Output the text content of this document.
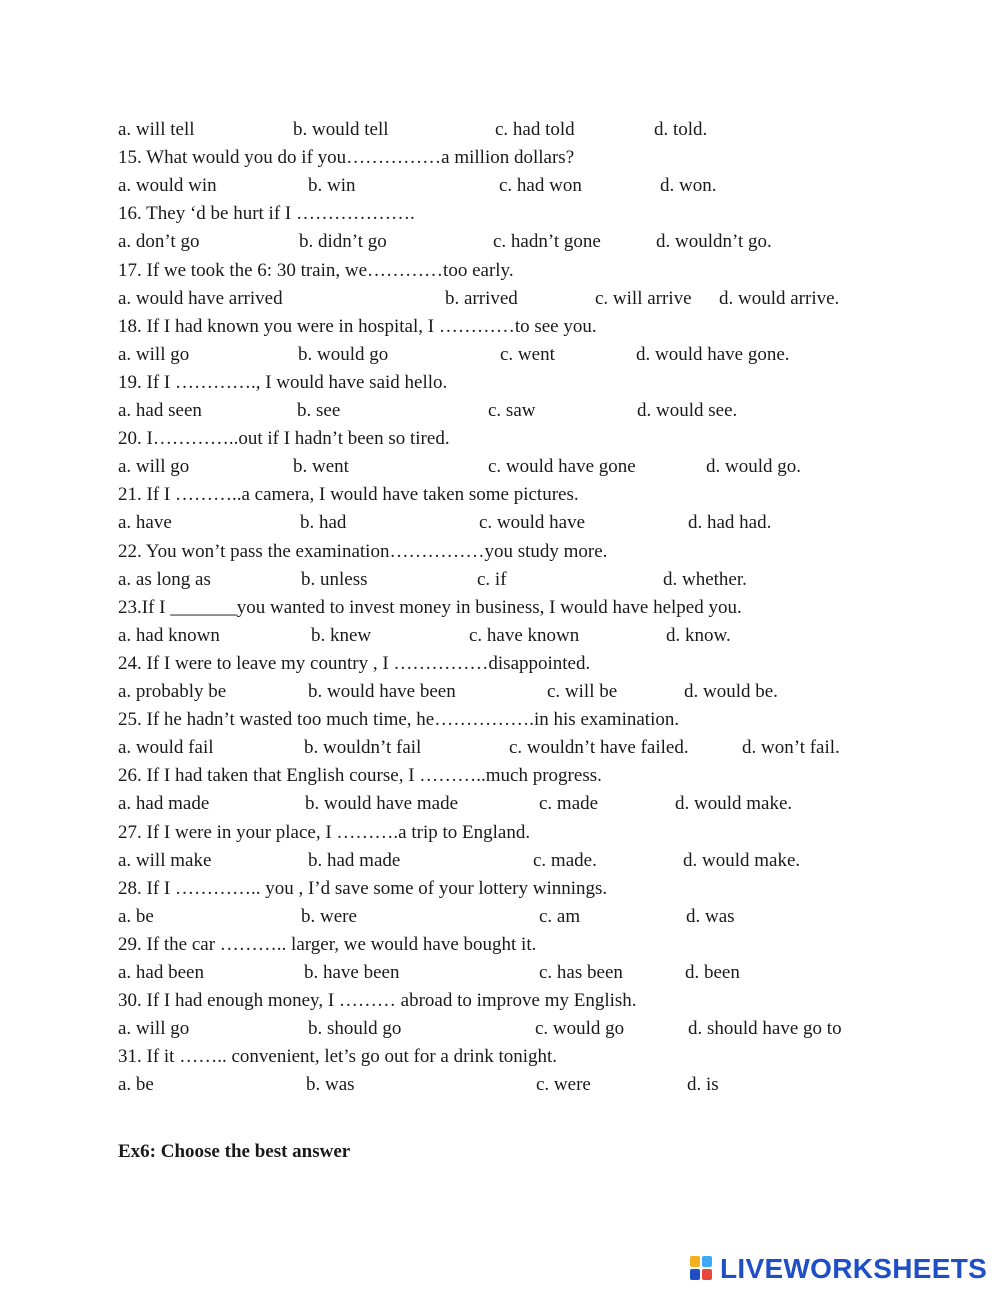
a. will tell	b. would tell	c. had told	d. told.
15. What would you do if you……………a million dollars?
a. would win	b. win	c. had won	d. won.
16. They ‘d be hurt if I ……………….
a. don’t go	b. didn’t go	c. hadn’t gone	d. wouldn’t go.
17. If we took the 6: 30 train, we…………too early.
a. would have arrived	b. arrived	c. will arrive d. would arrive.
18. If I had known you were in hospital, I …………to see you.
a. will go	b. would go	c. went	d. would have gone.
19. If I …………., I would have said hello.
a. had seen	b. see	c. saw	d. would see.
20. I…………..out if I hadn’t been so tired.
a. will go	b. went	c. would have gone	d. would go.
21. If I ………..a camera, I would have taken some pictures.
a. have	b. had	c. would have	d. had had.
22. You won’t pass the examination……………you study more.
a. as long as	b. unless	c. if	d. whether.
23.If I _______you wanted to invest money in business, I would have helped you.
a. had known	b. knew	c. have known	d. know.
24. If I were to leave my country , I ……………disappointed.
a. probably be	b. would have been	c. will be	d. would be.
25. If he hadn’t wasted too much time, he…………….in his examination.
a. would fail	b. wouldn’t fail	c. wouldn’t have failed.	d. won’t fail.
26. If I had taken that English course, I ………..much progress.
a. had made	b. would have made	c. made	d. would make.
27. If I were in your place, I ……….a trip to England.
a. will make	b. had made	c. made.	d. would make.
28. If I ………….. you , I’d save some of your lottery winnings.
a. be	b. were	c. am	d. was
29. If the car ……….. larger, we would have bought it.
a. had been	b. have been	c. has been	d. been
30. If I had enough money, I ……… abroad to improve my English.
a. will go	b. should go	c. would go	d. should have go to
31. If it …….. convenient, let’s go out for a drink tonight.
a. be	b. was	c. were	d. is
Ex6: Choose the best answer
LIVEWORKSHEETS
